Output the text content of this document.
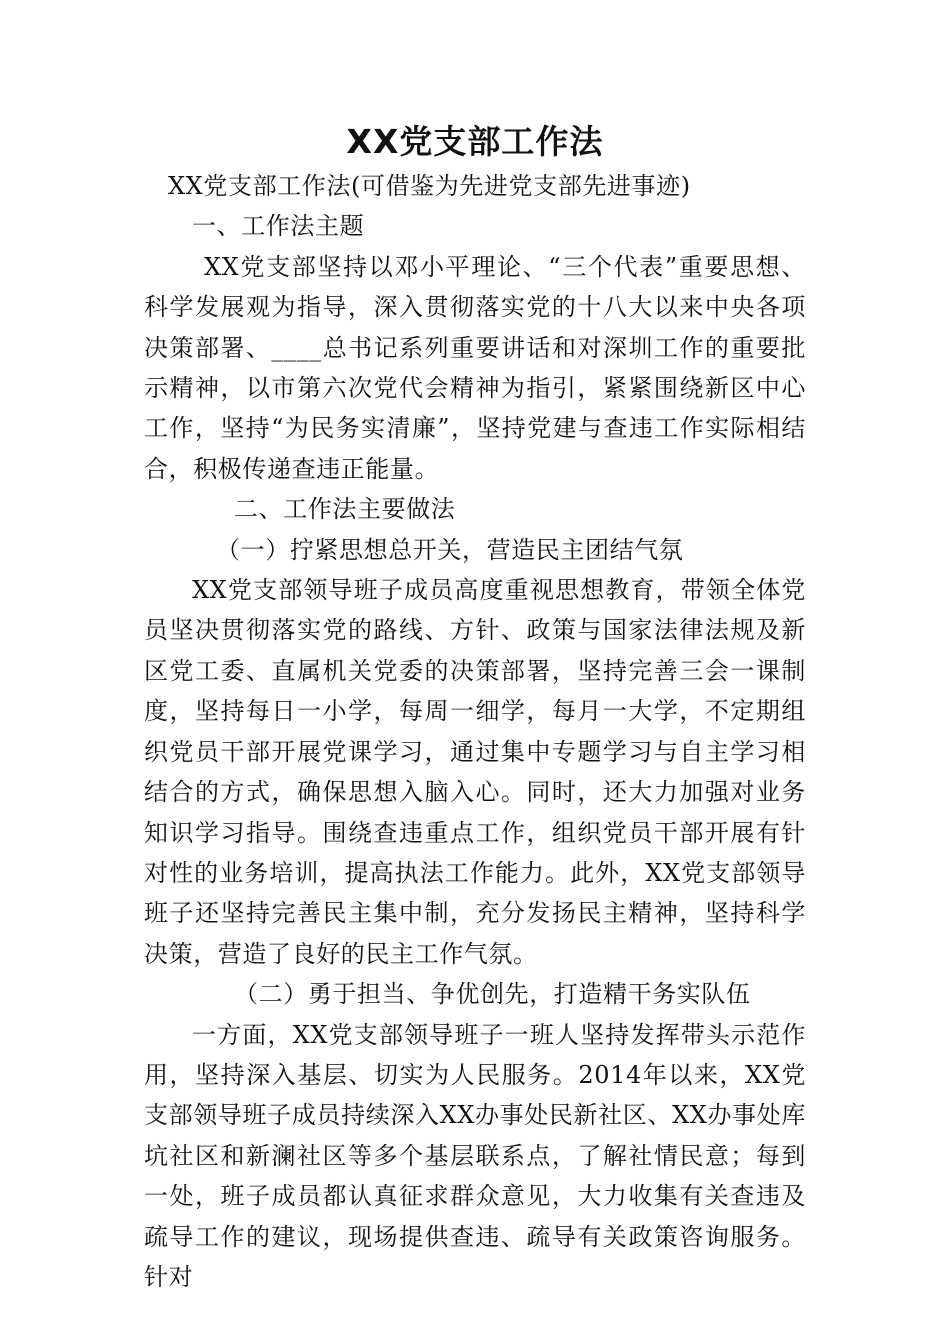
XX党支部工作法

XX党支部工作法(可借鉴为先进党支部先进事迹)

一、工作法主题

XX党支部坚持以邓小平理论、“三个代表”重要思想、科学发展观为指导，深入贯彻落实党的十八大以来中央各项决策部署、____总书记系列重要讲话和对深圳工作的重要批示精神，以市第六次党代会精神为指引，紧紧围绕新区中心工作，坚持“为民务实清廉”，坚持党建与查违工作实际相结合，积极传递查违正能量。

二、工作法主要做法

（一）拧紧思想总开关，营造民主团结气氛

XX党支部领导班子成员高度重视思想教育，带领全体党员坚决贯彻落实党的路线、方针、政策与国家法律法规及新区党工委、直属机关党委的决策部署，坚持完善三会一课制度，坚持每日一小学，每周一细学，每月一大学，不定期组织党员干部开展党课学习，通过集中专题学习与自主学习相结合的方式，确保思想入脑入心。同时，还大力加强对业务知识学习指导。围绕查违重点工作，组织党员干部开展有针对性的业务培训，提高执法工作能力。此外，XX党支部领导班子还坚持完善民主集中制，充分发扬民主精神，坚持科学决策，营造了良好的民主工作气氛。

（二）勇于担当、争优创先，打造精干务实队伍

一方面，XX党支部领导班子一班人坚持发挥带头示范作用，坚持深入基层、切实为人民服务。2014年以来，XX党支部领导班子成员持续深入XX办事处民新社区、XX办事处库坑社区和新澜社区等多个基层联系点，了解社情民意；每到一处，班子成员都认真征求群众意见，大力收集有关查违及疏导工作的建议，现场提供查违、疏导有关政策咨询服务。针对
